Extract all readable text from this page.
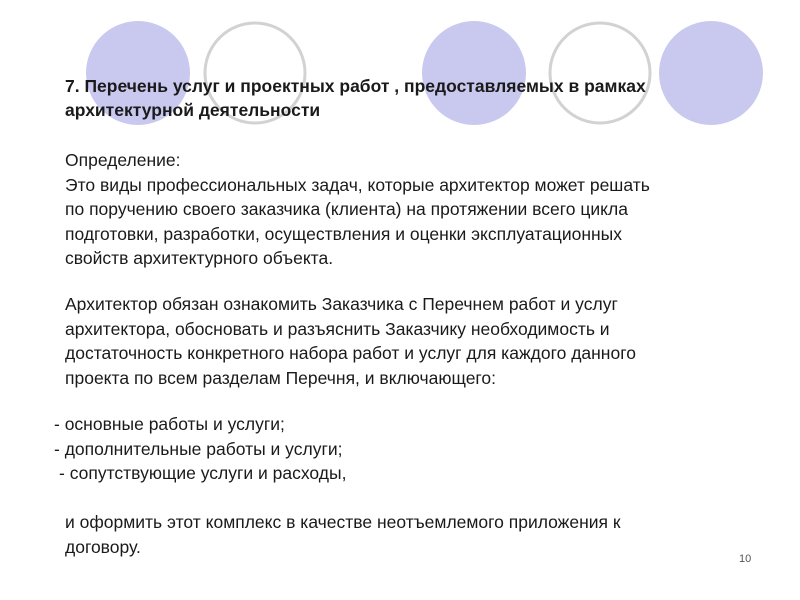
7. Перечень услуг и проектных работ , предоставляемых в рамках
архитектурной деятельности

Определение:
Это виды профессиональных задач, которые архитектор может решать
по поручению своего заказчика (клиента) на протяжении всего цикла
подготовки, разработки, осуществления и оценки эксплуатационных
свойств архитектурного объекта.

Архитектор обязан ознакомить Заказчика с Перечнем работ и услуг
архитектора, обосновать и разъяснить Заказчику необходимость и
достаточность конкретного набора работ и услуг для каждого данного
проекта по всем разделам Перечня, и включающего:

- основные работы и услуги;
- дополнительные работы и услуги;
- сопутствующие услуги и расходы,

и оформить этот комплекс в качестве неотъемлемого приложения к
договору.

10
